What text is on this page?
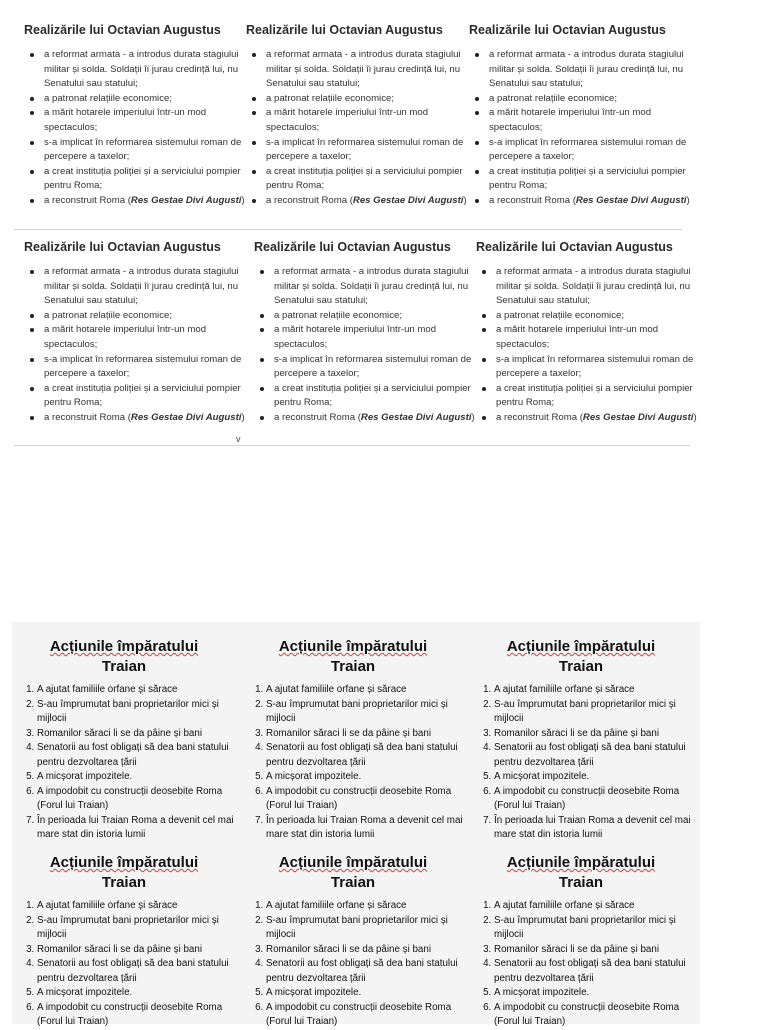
Realizările lui Octavian Augustus
a reformat armata - a introdus durata stagiului militar și solda. Soldații îi jurau credință lui, nu Senatului sau statului;
a patronat relațiile economice;
a mărit hotarele imperiului într-un mod spectaculos;
s-a implicat în reformarea sistemului roman de percepere a taxelor;
a creat instituția poliției și a serviciului pompier pentru Roma;
a reconstruit Roma (Res Gestae Divi Augusti)
Realizările lui Octavian Augustus
a reformat armata - a introdus durata stagiului militar și solda. Soldații îi jurau credință lui, nu Senatului sau statului;
a patronat relațiile economice;
a mărit hotarele imperiului într-un mod spectaculos;
s-a implicat în reformarea sistemului roman de percepere a taxelor;
a creat instituția poliției și a serviciului pompier pentru Roma;
a reconstruit Roma (Res Gestae Divi Augusti)
Realizările lui Octavian Augustus
a reformat armata - a introdus durata stagiului militar și solda. Soldații îi jurau credință lui, nu Senatului sau statului;
a patronat relațiile economice;
a mărit hotarele imperiului într-un mod spectaculos;
s-a implicat în reformarea sistemului roman de percepere a taxelor;
a creat instituția poliției și a serviciului pompier pentru Roma;
a reconstruit Roma (Res Gestae Divi Augusti)
Realizările lui Octavian Augustus
a reformat armata - a introdus durata stagiului militar și solda. Soldații îi jurau credință lui, nu Senatului sau statului;
a patronat relațiile economice;
a mărit hotarele imperiului într-un mod spectaculos;
s-a implicat în reformarea sistemului roman de percepere a taxelor;
a creat instituția poliției și a serviciului pompier pentru Roma;
a reconstruit Roma (Res Gestae Divi Augusti)
Realizările lui Octavian Augustus
a reformat armata - a introdus durata stagiului militar și solda. Soldații îi jurau credință lui, nu Senatului sau statului;
a patronat relațiile economice;
a mărit hotarele imperiului într-un mod spectaculos;
s-a implicat în reformarea sistemului roman de percepere a taxelor;
a creat instituția poliției și a serviciului pompier pentru Roma;
a reconstruit Roma (Res Gestae Divi Augusti)
Realizările lui Octavian Augustus
a reformat armata - a introdus durata stagiului militar și solda. Soldații îi jurau credință lui, nu Senatului sau statului;
a patronat relațiile economice;
a mărit hotarele imperiului într-un mod spectaculos;
s-a implicat în reformarea sistemului roman de percepere a taxelor;
a creat instituția poliției și a serviciului pompier pentru Roma;
a reconstruit Roma (Res Gestae Divi Augusti)
v
Acțiunile împăratului
Traian
1. A ajutat familiile orfane și sărace
2. S-au împrumutat bani proprietarilor mici și mijlocii
3. Romanilor săraci li se da pâine și bani
4. Senatorii au fost obligați să dea bani statului pentru dezvoltarea țării
5. A micșorat impozitele.
6. A impodobit cu construcții deosebite Roma (Forul lui Traian)
7. În perioada lui Traian Roma a devenit cel mai mare stat din istoria lumii
Acțiunile împăratului
Traian
1. A ajutat familiile orfane și sărace
2. S-au împrumutat bani proprietarilor mici și mijlocii
3. Romanilor săraci li se da pâine și bani
4. Senatorii au fost obligați să dea bani statului pentru dezvoltarea țării
5. A micșorat impozitele.
6. A impodobit cu construcții deosebite Roma (Forul lui Traian)
7. În perioada lui Traian Roma a devenit cel mai mare stat din istoria lumii
Acțiunile împăratului
Traian
1. A ajutat familiile orfane și sărace
2. S-au împrumutat bani proprietarilor mici și mijlocii
3. Romanilor săraci li se da pâine și bani
4. Senatorii au fost obligați să dea bani statului pentru dezvoltarea țării
5. A micșorat impozitele.
6. A impodobit cu construcții deosebite Roma (Forul lui Traian)
7. În perioada lui Traian Roma a devenit cel mai mare stat din istoria lumii
Acțiunile împăratului
Traian
1. A ajutat familiile orfane și sărace
2. S-au împrumutat bani proprietarilor mici și mijlocii
3. Romanilor săraci li se da pâine și bani
4. Senatorii au fost obligați să dea bani statului pentru dezvoltarea țării
5. A micșorat impozitele.
6. A impodobit cu construcții deosebite Roma (Forul lui Traian)
Acțiunile împăratului
Traian
1. A ajutat familiile orfane și sărace
2. S-au împrumutat bani proprietarilor mici și mijlocii
3. Romanilor săraci li se da pâine și bani
4. Senatorii au fost obligați să dea bani statului pentru dezvoltarea țării
5. A micșorat impozitele.
6. A impodobit cu construcții deosebite Roma (Forul lui Traian)
Acțiunile împăratului
Traian
1. A ajutat familiile orfane și sărace
2. S-au împrumutat bani proprietarilor mici și mijlocii
3. Romanilor săraci li se da pâine și bani
4. Senatorii au fost obligați să dea bani statului pentru dezvoltarea țării
5. A micșorat impozitele.
6. A impodobit cu construcții deosebite Roma (Forul lui Traian)
